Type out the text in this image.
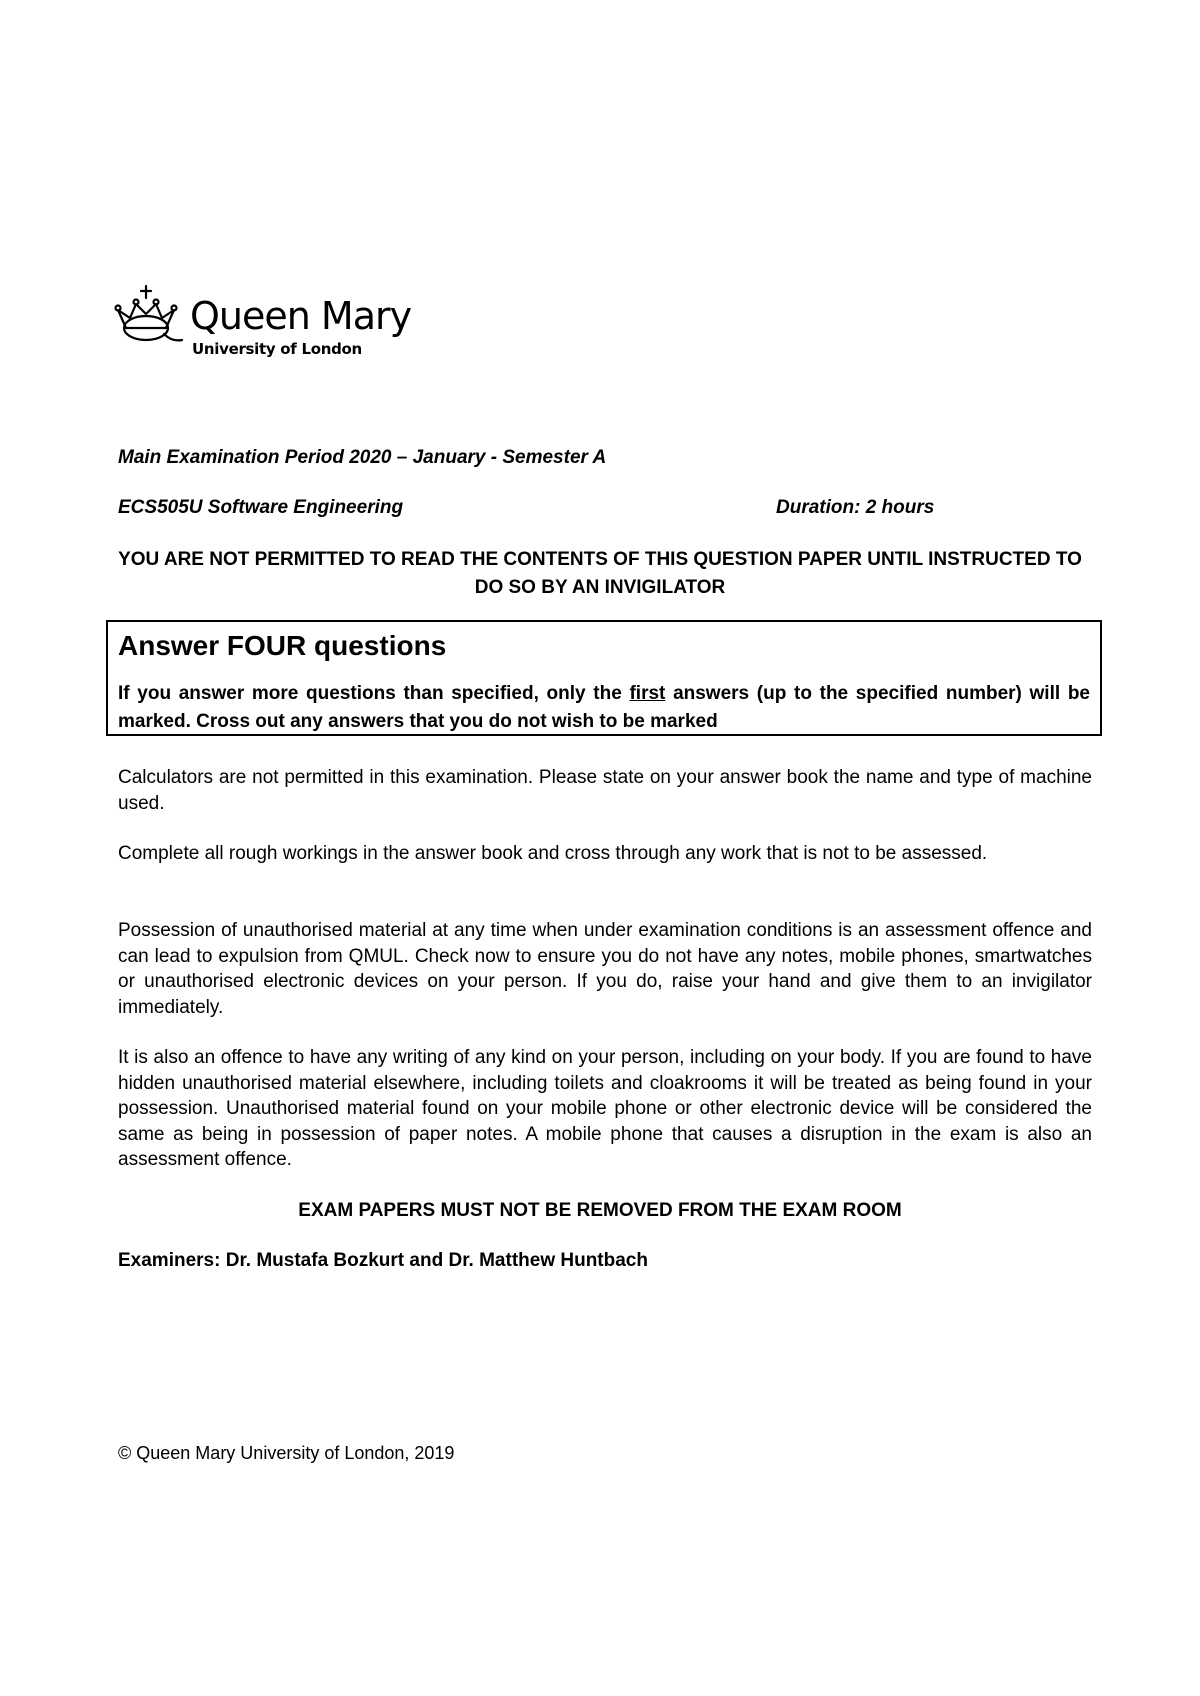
Queen Mary
University of London
Main Examination Period 2020 – January - Semester A
ECS505U Software Engineering	Duration: 2 hours
YOU ARE NOT PERMITTED TO READ THE CONTENTS OF THIS QUESTION PAPER UNTIL INSTRUCTED TO DO SO BY AN INVIGILATOR

Answer FOUR questions

If you answer more questions than specified, only the first answers (up to the specified number) will be marked. Cross out any answers that you do not wish to be marked

Calculators are not permitted in this examination. Please state on your answer book the name and type of machine used.

Complete all rough workings in the answer book and cross through any work that is not to be assessed.

Possession of unauthorised material at any time when under examination conditions is an assessment offence and can lead to expulsion from QMUL. Check now to ensure you do not have any notes, mobile phones, smartwatches or unauthorised electronic devices on your person. If you do, raise your hand and give them to an invigilator immediately.

It is also an offence to have any writing of any kind on your person, including on your body. If you are found to have hidden unauthorised material elsewhere, including toilets and cloakrooms it will be treated as being found in your possession. Unauthorised material found on your mobile phone or other electronic device will be considered the same as being in possession of paper notes. A mobile phone that causes a disruption in the exam is also an assessment offence.

EXAM PAPERS MUST NOT BE REMOVED FROM THE EXAM ROOM
Examiners: Dr. Mustafa Bozkurt and Dr. Matthew Huntbach
© Queen Mary University of London, 2019
